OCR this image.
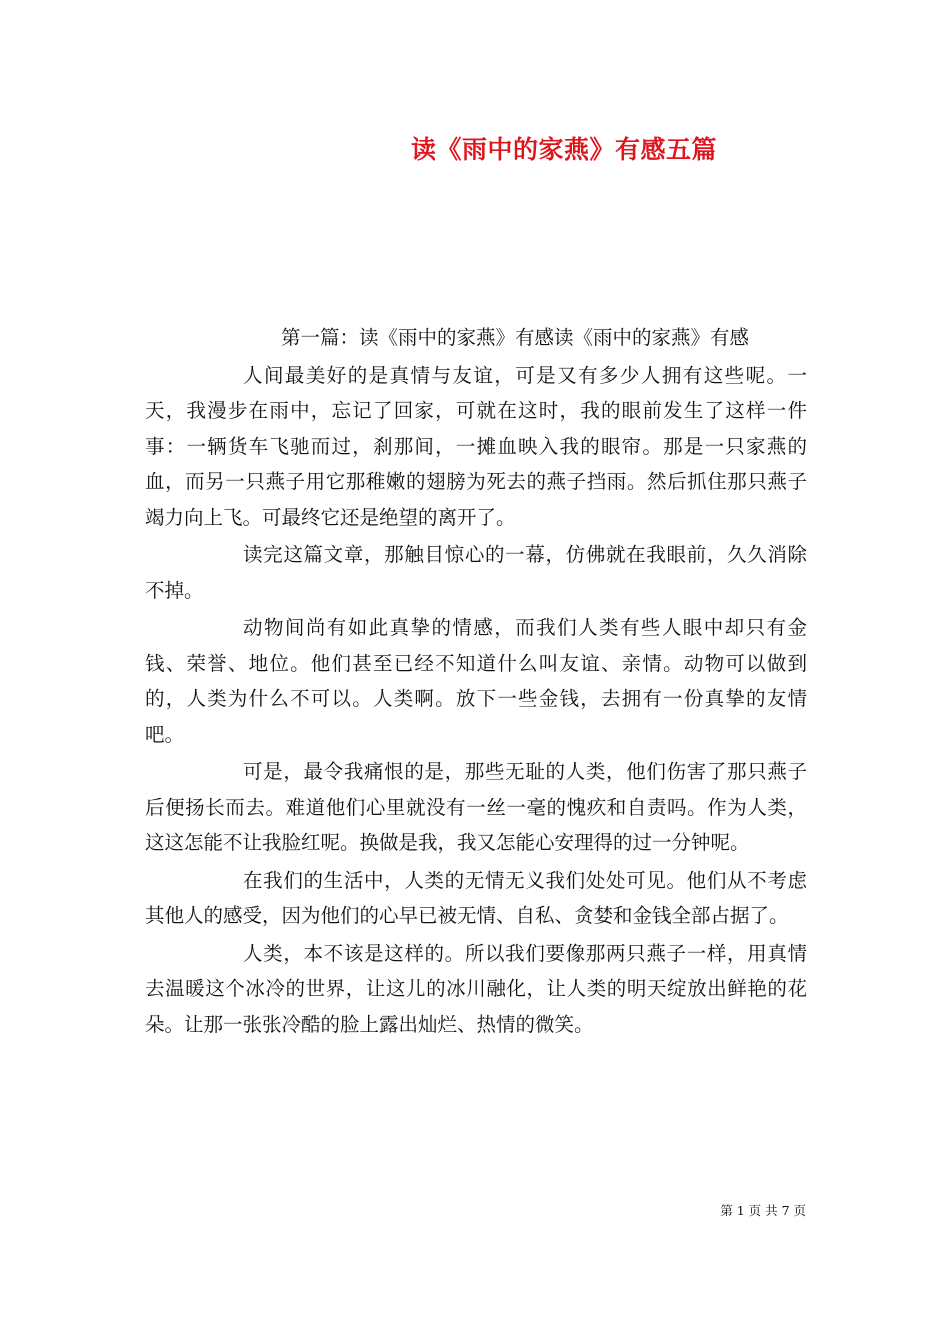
读《雨中的家燕》有感五篇

第一篇：读《雨中的家燕》有感读《雨中的家燕》有感

人间最美好的是真情与友谊，可是又有多少人拥有这些呢。一天，我漫步在雨中，忘记了回家，可就在这时，我的眼前发生了这样一件事：一辆货车飞驰而过，刹那间，一摊血映入我的眼帘。那是一只家燕的血，而另一只燕子用它那稚嫩的翅膀为死去的燕子挡雨。然后抓住那只燕子竭力向上飞。可最终它还是绝望的离开了。

读完这篇文章，那触目惊心的一幕，仿佛就在我眼前，久久消除不掉。

动物间尚有如此真挚的情感，而我们人类有些人眼中却只有金钱、荣誉、地位。他们甚至已经不知道什么叫友谊、亲情。动物可以做到的，人类为什么不可以。人类啊。放下一些金钱，去拥有一份真挚的友情吧。

可是，最令我痛恨的是，那些无耻的人类，他们伤害了那只燕子后便扬长而去。难道他们心里就没有一丝一毫的愧疚和自责吗。作为人类，这这怎能不让我脸红呢。换做是我，我又怎能心安理得的过一分钟呢。

在我们的生活中，人类的无情无义我们处处可见。他们从不考虑其他人的感受，因为他们的心早已被无情、自私、贪婪和金钱全部占据了。

人类，本不该是这样的。所以我们要像那两只燕子一样，用真情去温暖这个冰冷的世界，让这儿的冰川融化，让人类的明天绽放出鲜艳的花朵。让那一张张冷酷的脸上露出灿烂、热情的微笑。

第 1 页 共 7 页
